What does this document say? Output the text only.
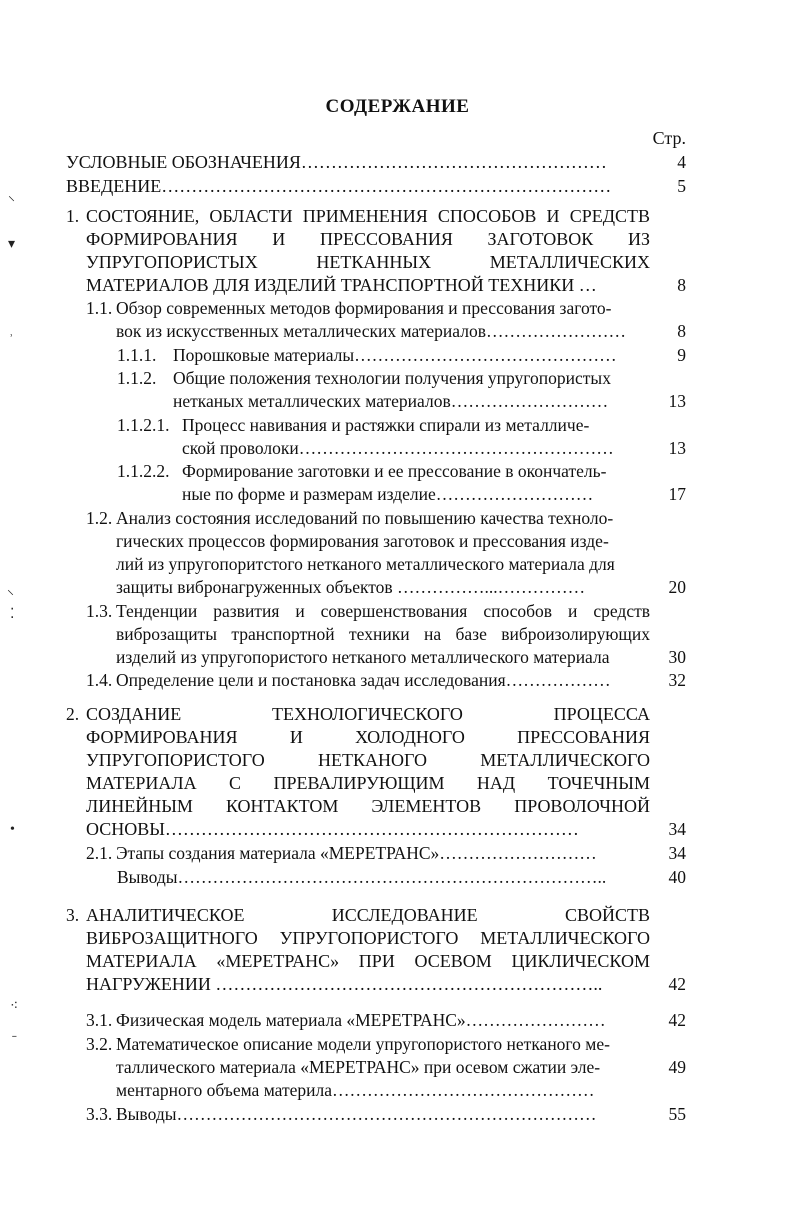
СОДЕРЖАНИЕ
Стр.
УСЛОВНЫЕ ОБОЗНАЧЕНИЯ……………………………………………	4
ВВЕДЕНИЕ…………………………………………………………………	5
1. СОСТОЯНИЕ, ОБЛАСТИ ПРИМЕНЕНИЯ СПОСОБОВ И СРЕДСТВ
ФОРМИРОВАНИЯ И ПРЕССОВАНИЯ ЗАГОТОВОК ИЗ
УПРУГОПОРИСТЫХ НЕТКАННЫХ МЕТАЛЛИЧЕСКИХ
МАТЕРИАЛОВ ДЛЯ ИЗДЕЛИЙ ТРАНСПОРТНОЙ ТЕХНИКИ …	8
1.1. Обзор современных методов формирования и прессования загото-
вок из искусственных металлических материалов……………………	8
1.1.1. Порошковые материалы………………………………………	9
1.1.2. Общие положения технологии получения упругопористых
нетканых металлических материалов………………………	13
1.1.2.1. Процесс навивания и растяжки спирали из металличе-
ской проволоки………………………………………………	13
1.1.2.2. Формирование заготовки и ее прессование в окончатель-
ные по форме и размерам изделие………………………	17
1.2. Анализ состояния исследований по повышению качества техноло-
гических процессов формирования заготовок и прессования изде-
лий из упругопоритстого нетканого металлического материала для
защиты вибронагруженных объектов ……………...……………	20
1.3. Тенденции развития и совершенствования способов и средств
виброзащиты транспортной техники на базе виброизолирующих
изделий из упругопористого нетканого металлического материала	30
1.4. Определение цели и постановка задач исследования………………	32
2. СОЗДАНИЕ ТЕХНОЛОГИЧЕСКОГО ПРОЦЕССА
ФОРМИРОВАНИЯ И ХОЛОДНОГО ПРЕССОВАНИЯ
УПРУГОПОРИСТОГО НЕТКАНОГО МЕТАЛЛИЧЕСКОГО
МАТЕРИАЛА С ПРЕВАЛИРУЮЩИМ НАД ТОЧЕЧНЫМ
ЛИНЕЙНЫМ КОНТАКТОМ ЭЛЕМЕНТОВ ПРОВОЛОЧНОЙ
ОСНОВЫ……………………………………………………………	34
2.1. Этапы создания материала «МЕРЕТРАНС»………………………	34
Выводы………………………………………………………………..	40
3. АНАЛИТИЧЕСКОЕ ИССЛЕДОВАНИЕ СВОЙСТВ
ВИБРОЗАЩИТНОГО УПРУГОПОРИСТОГО МЕТАЛЛИЧЕСКОГО
МАТЕРИАЛА «МЕРЕТРАНС» ПРИ ОСЕВОМ ЦИКЛИЧЕСКОМ
НАГРУЖЕНИИ ………………………………………………………..	42
3.1. Физическая модель материала «МЕРЕТРАНС»……………………	42
3.2. Математическое описание модели упругопористого нетканого ме-
таллического материала «МЕРЕТРАНС» при осевом сжатии эле-	49
ментарного объема материла………………………………………
3.3. Выводы………………………………………………………………	55
⸌
▾
˒
⸜
⁚
•
⁖
˗
